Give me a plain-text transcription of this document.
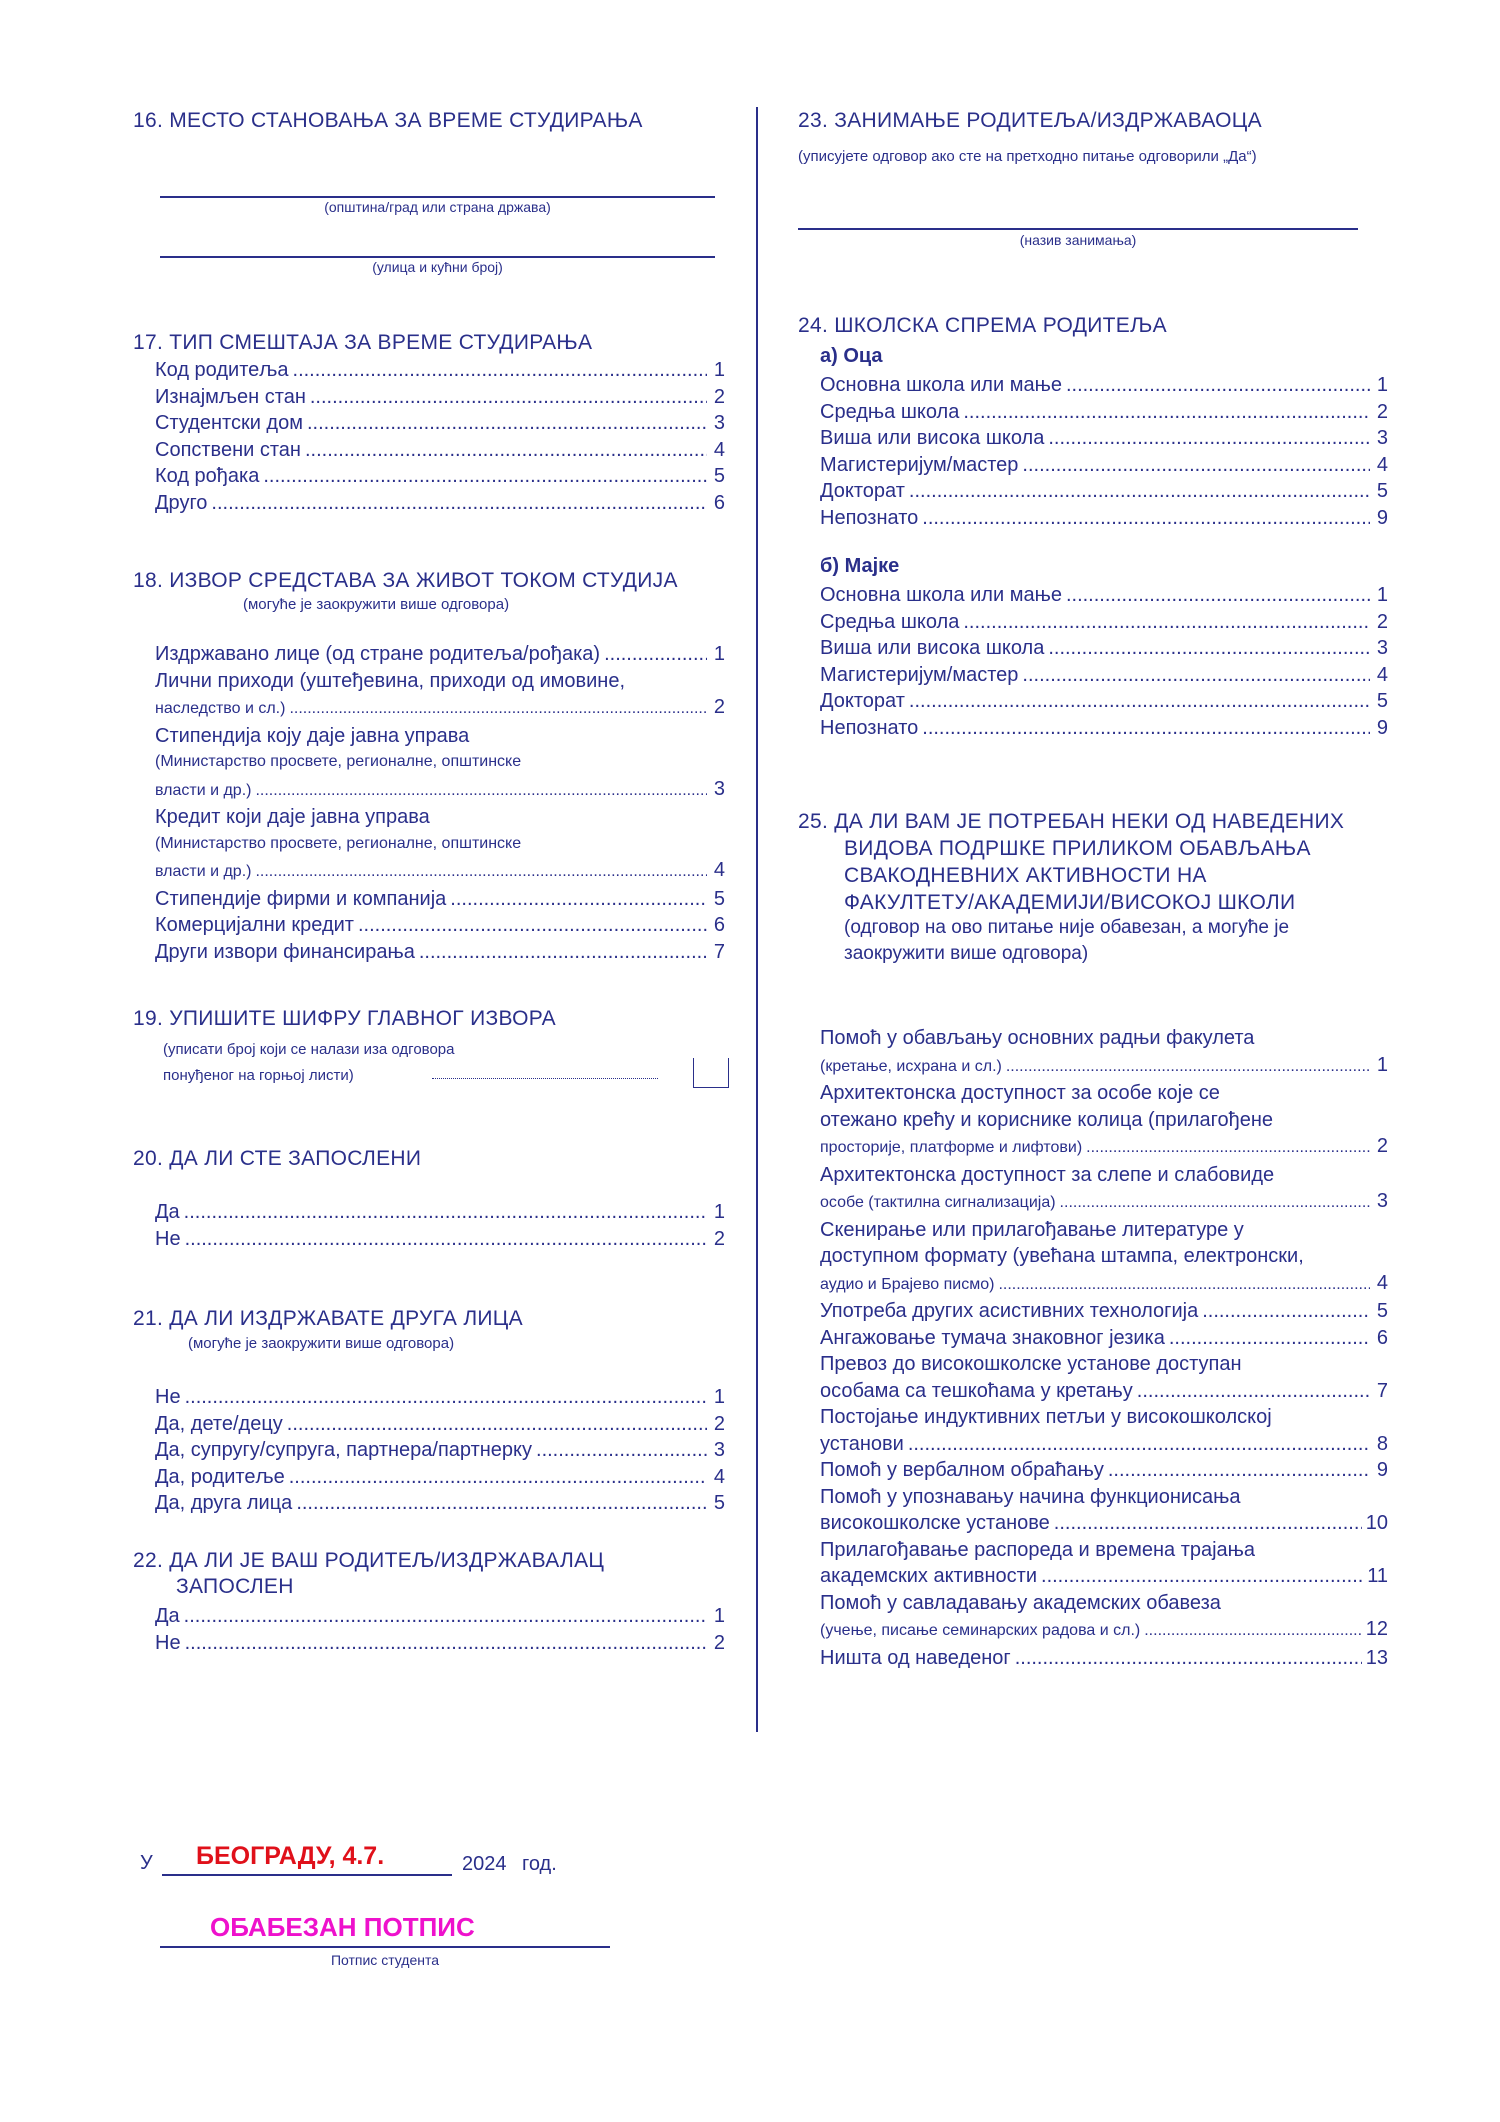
16. МЕСТО СТАНОВАЊА ЗА ВРЕМЕ СТУДИРАЊА
(општина/град или страна држава)
(улица и кућни број)
17. ТИП СМЕШТАЈА ЗА ВРЕМЕ СТУДИРАЊА
Код родитеља .....	1
Изнајмљен стан .....	2
Студентски дом .....	3
Сопствени стан .....	4
Код рођака .....	5
Друго .....	6
18. ИЗВОР СРЕДСТАВА ЗА ЖИВОТ ТОКОМ СТУДИЈА
(могуће је заокружити више одговора)
Издржавано лице (од стране родитеља/рођака) .....	1
Лични приходи (уштеђевина, приходи од имовине,
наследство и сл.) .....	2
Стипендија коју даје јавна управа
(Министарство просвете, регионалне, општинске
власти и др.) .....	3
Кредит који даје јавна управа
(Министарство просвете, регионалне, општинске
власти и др.) .....	4
Стипендије фирми и компанија .....	5
Комерцијални кредит .....	6
Други извори финансирања .....	7
19. УПИШИТЕ ШИФРУ ГЛАВНОГ ИЗВОРА
(уписати број који се налази иза одговора
понуђеног на горњој листи)
20. ДА ЛИ СТЕ ЗАПОСЛЕНИ
Да .....	1
Не .....	2
21. ДА ЛИ ИЗДРЖАВАТЕ ДРУГА ЛИЦА
(могуће је заокружити више одговора)
Не .....	1
Да, дете/децу .....	2
Да, супругу/супруга, партнера/партнерку .....	3
Да, родитеље .....	4
Да, друга лица .....	5
22. ДА ЛИ ЈЕ ВАШ РОДИТЕЉ/ИЗДРЖАВАЛАЦ
ЗАПОСЛЕН
Да .....	1
Не .....	2
23. ЗАНИМАЊЕ РОДИТЕЉА/ИЗДРЖАВАОЦА
(уписујете одговор ако сте на претходно питање одговорили „Да“)
(назив занимања)
24. ШКОЛСКА СПРЕМА РОДИТЕЉА
а) Оца
Основна школа или мање .....	1
Средња школа .....	2
Виша или висока школа .....	3
Магистеријум/мастер .....	4
Докторат .....	5
Непознато .....	9
б) Мајке
Основна школа или мање .....	1
Средња школа .....	2
Виша или висока школа .....	3
Магистеријум/мастер .....	4
Докторат .....	5
Непознато .....	9
25. ДА ЛИ ВАМ ЈЕ ПОТРЕБАН НЕКИ ОД НАВЕДЕНИХ
ВИДОВА ПОДРШКЕ ПРИЛИКОМ ОБАВЉАЊА
СВАКОДНЕВНИХ АКТИВНОСТИ НА
ФАКУЛТЕТУ/АКАДЕМИЈИ/ВИСОКОЈ ШКОЛИ
(одговор на ово питање није обавезан, а могуће је
заокружити више одговора)
Помоћ у обављању основних радњи факулета
(кретање, исхрана и сл.) .....	1
Архитектонска доступност за особе које се
отежано крећу и кориснике колица (прилагођене
просторије, платформе и лифтови) .....	2
Архитектонска доступност за слепе и слабовиде
особе (тактилна сигнализација) .....	3
Скенирање или прилагођавање литературе у
доступном формату (увећана штампа, електронски,
аудио и Брајево писмо) .....	4
Употреба других асистивних технологија .....	5
Ангажовање тумача знаковног језика .....	6
Превоз до високошколске установе доступан
особама са тешкоћама у кретању .....	7
Постојање индуктивних петљи у високошколској
установи .....	8
Помоћ у вербалном обраћању .....	9
Помоћ у упознавању начина функционисања
високошколске установе .....	10
Прилагођавање распореда и времена трајања
академских активности .....	11
Помоћ у савладавању академских обавеза
(учење, писање семинарских радова и сл.) .....	12
Ништа од наведеног .....	13
У БЕОГРАДУ, 4.7.	2024 год.
ОБАБЕЗАН ПОТПИС
Потпис студента
